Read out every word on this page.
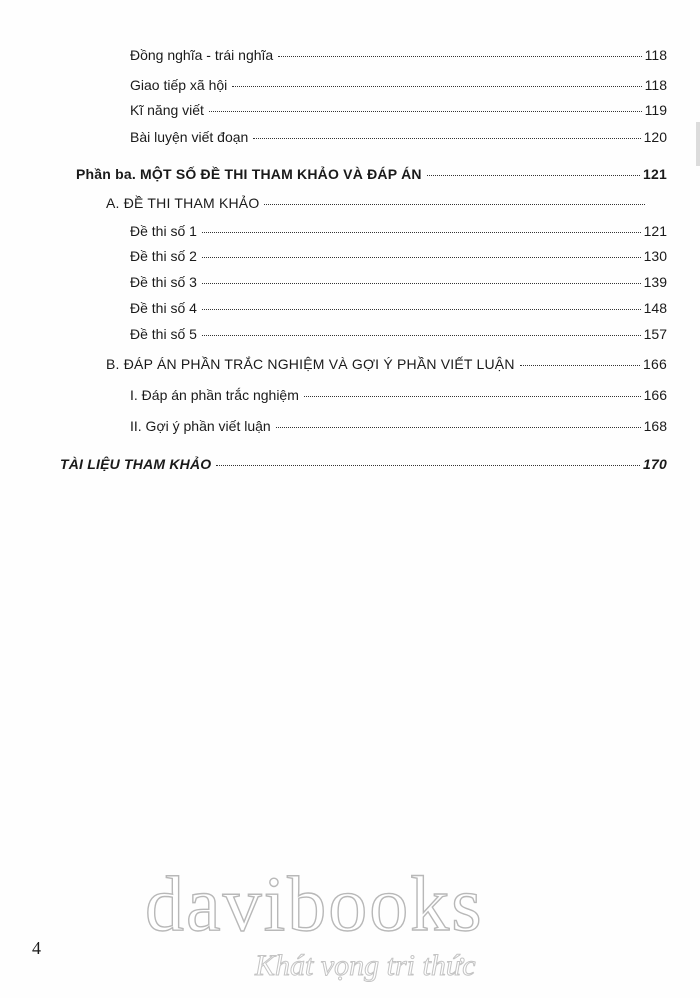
Đồng nghĩa - trái nghĩa	118
Giao tiếp xã hội	118
Kĩ năng viết	119
Bài luyện viết đoạn	120
Phần ba. MỘT SỐ ĐỀ THI THAM KHẢO VÀ ĐÁP ÁN	121
A. ĐỀ THI THAM KHẢO
Đề thi số 1	121
Đề thi số 2	130
Đề thi số 3	139
Đề thi số 4	148
Đề thi số 5	157
B. ĐÁP ÁN PHẦN TRẮC NGHIỆM VÀ GỢI Ý PHẦN VIẾT LUẬN	166
I. Đáp án phần trắc nghiệm	166
II. Gợi ý phần viết luận	168
TÀI LIỆU THAM KHẢO	170
4
davibooks
Khát vọng tri thức
